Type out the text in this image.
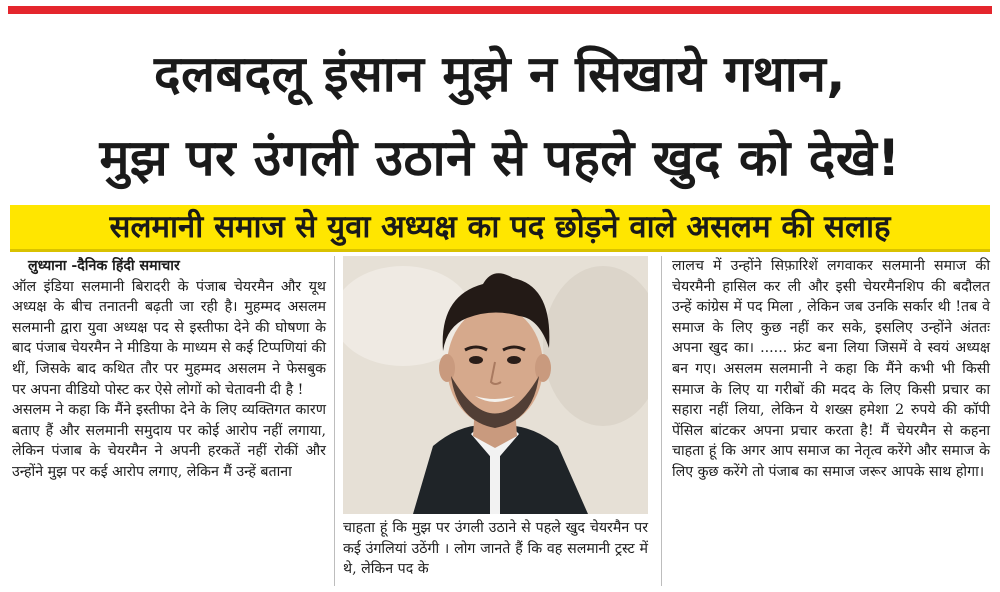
दलबदलू इंसान मुझे न सिखाये गथान,
मुझ पर उंगली उठाने से पहले खुद को देखे!
सलमानी समाज से युवा अध्यक्ष का पद छोड़ने वाले असलम की सलाह
लुध्याना -दैनिक हिंदी समाचार

ऑल इंडिया सलमानी बिरादरी के पंजाब चेयरमैन और यूथ अध्यक्ष के बीच तनातनी बढ़ती जा रही है। मुहम्मद असलम सलमानी द्वारा युवा अध्यक्ष पद से इस्तीफा देने की घोषणा के बाद पंजाब चेयरमैन ने मीडिया के माध्यम से कई टिप्पणियां की थीं, जिसके बाद कथित तौर पर मुहम्मद असलम ने फेसबुक पर अपना वीडियो पोस्ट कर ऐसे लोगों को चेतावनी दी है !

असलम ने कहा कि मैंने इस्तीफा देने के लिए व्यक्तिगत कारण बताए हैं और सलमानी समुदाय पर कोई आरोप नहीं लगाया, लेकिन पंजाब के चेयरमैन ने अपनी हरकतें नहीं रोकीं और उन्होंने मुझ पर कई आरोप लगाए, लेकिन मैं उन्हें बताना

चाहता हूं कि मुझ पर उंगली उठाने से पहले खुद चेयरमैन पर कई उंगलियां उठेंगी । लोग जानते हैं कि वह सलमानी ट्रस्ट में थे, लेकिन पद के

लालच में उन्होंने सिफ़ारिशें लगवाकर सलमानी समाज की चेयरमैनी हासिल कर ली और इसी चेयरमैनशिप की बदौलत उन्हें कांग्रेस में पद मिला , लेकिन जब उनकि सर्कार थी !तब वे समाज के लिए कुछ नहीं कर सके, इसलिए उन्होंने अंततः अपना खुद का। ...... फ्रंट बना लिया जिसमें वे स्वयं अध्यक्ष बन गए। असलम सलमानी ने कहा कि मैंने कभी भी किसी समाज के लिए या गरीबों की मदद के लिए किसी प्रचार का सहारा नहीं लिया, लेकिन ये शख्स हमेशा 2 रुपये की कॉपी पेंसिल बांटकर अपना प्रचार करता है! मैं चेयरमैन से कहना चाहता हूं कि अगर आप समाज का नेतृत्व करेंगे और समाज के लिए कुछ करेंगे तो पंजाब का समाज जरूर आपके साथ होगा।
